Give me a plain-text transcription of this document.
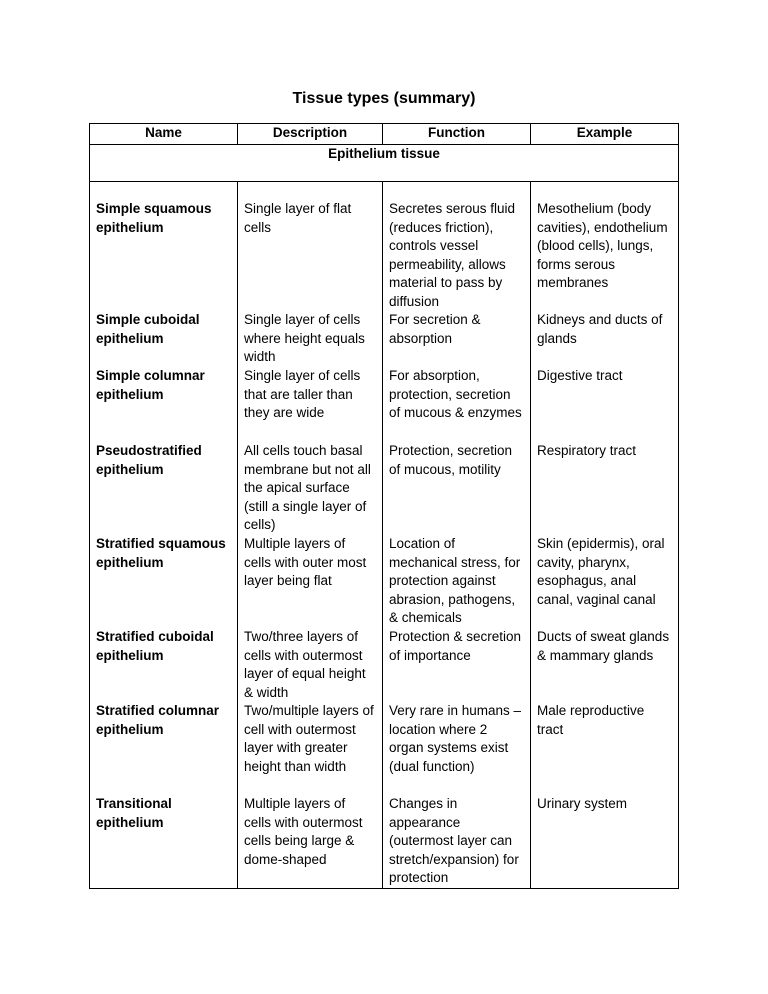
Tissue types (summary)
Name	Description	Function	Example
Epithelium tissue			
Simple squamous epithelium	Single layer of flat cells	Secretes serous fluid (reduces friction), controls vessel permeability, allows material to pass by diffusion	Mesothelium (body cavities), endothelium (blood cells), lungs, forms serous membranes
Simple cuboidal epithelium	Single layer of cells where height equals width	For secretion & absorption	Kidneys and ducts of glands
Simple columnar epithelium	Single layer of cells that are taller than they are wide	For absorption, protection, secretion of mucous & enzymes	Digestive tract
Pseudostratified epithelium	All cells touch basal membrane but not all the apical surface (still a single layer of cells)	Protection, secretion of mucous, motility	Respiratory tract
Stratified squamous epithelium	Multiple layers of cells with outer most layer being flat	Location of mechanical stress, for protection against abrasion, pathogens, & chemicals	Skin (epidermis), oral cavity, pharynx, esophagus, anal canal, vaginal canal
Stratified cuboidal epithelium	Two/three layers of cells with outermost layer of equal height & width	Protection & secretion of importance	Ducts of sweat glands & mammary glands
Stratified columnar epithelium	Two/multiple layers of cell with outermost layer with greater height than width	Very rare in humans – location where 2 organ systems exist (dual function)	Male reproductive tract
Transitional epithelium	Multiple layers of cells with outermost cells being large & dome-shaped	Changes in appearance (outermost layer can stretch/expansion) for protection	Urinary system
